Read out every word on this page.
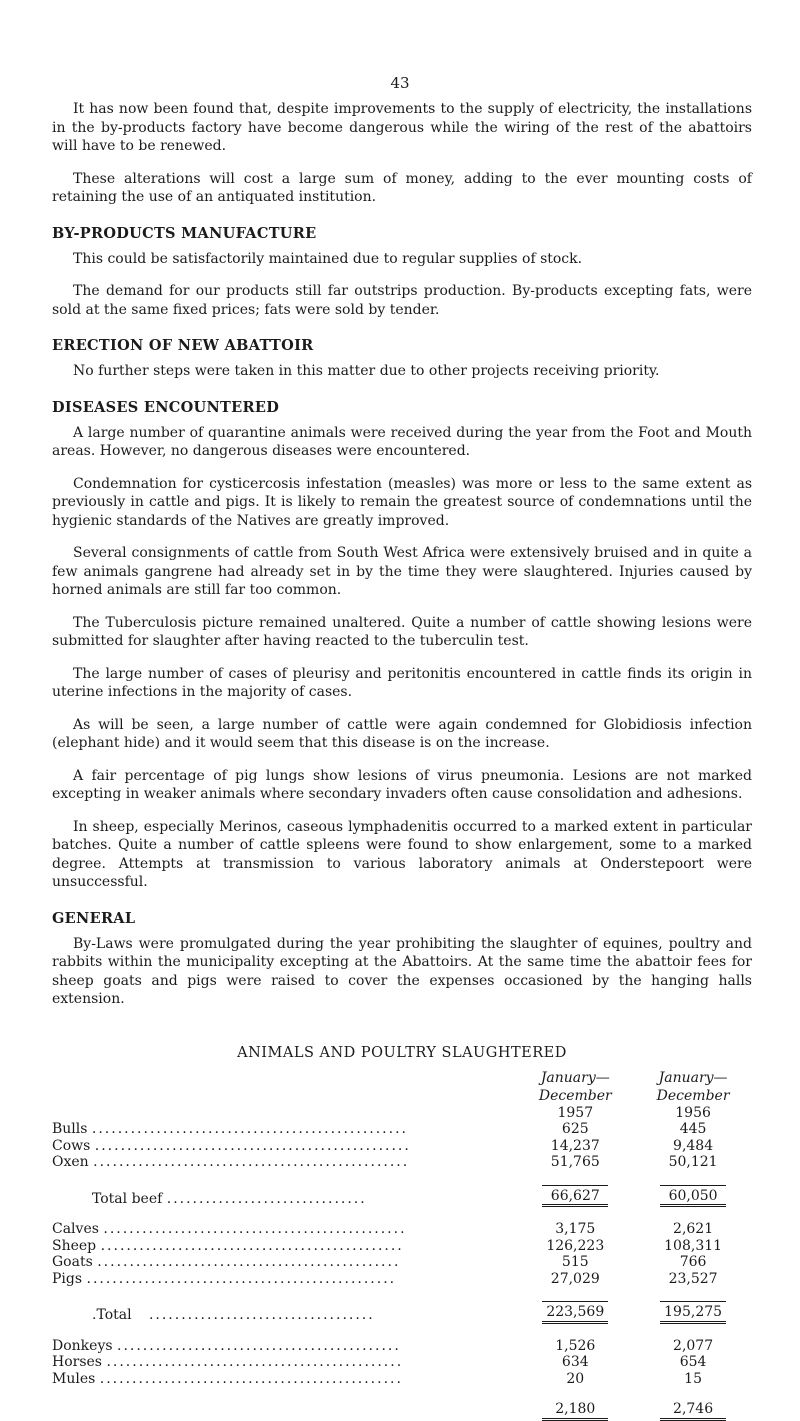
43

It has now been found that, despite improvements to the supply of electricity, the installations in the by-products factory have become dangerous while the wiring of the rest of the abattoirs will have to be renewed.

These alterations will cost a large sum of money, adding to the ever mounting costs of retaining the use of an antiquated institution.

BY-PRODUCTS MANUFACTURE

This could be satisfactorily maintained due to regular supplies of stock.

The demand for our products still far outstrips production. By-products excepting fats, were sold at the same fixed prices; fats were sold by tender.

ERECTION OF NEW ABATTOIR

No further steps were taken in this matter due to other projects receiving priority.

DISEASES ENCOUNTERED

A large number of quarantine animals were received during the year from the Foot and Mouth areas. However, no dangerous diseases were encountered.

Condemnation for cysticercosis infestation (measles) was more or less to the same extent as previously in cattle and pigs. It is likely to remain the greatest source of condemnations until the hygienic standards of the Natives are greatly improved.

Several consignments of cattle from South West Africa were extensively bruised and in quite a few animals gangrene had already set in by the time they were slaughtered. Injuries caused by horned animals are still far too common.

The Tuberculosis picture remained unaltered. Quite a number of cattle showing lesions were submitted for slaughter after having reacted to the tuberculin test.

The large number of cases of pleurisy and peritonitis encountered in cattle finds its origin in uterine infections in the majority of cases.

As will be seen, a large number of cattle were again condemned for Globidiosis infection (elephant hide) and it would seem that this disease is on the increase.

A fair percentage of pig lungs show lesions of virus pneumonia. Lesions are not marked excepting in weaker animals where secondary invaders often cause consolidation and adhesions.

In sheep, especially Merinos, caseous lymphadenitis occurred to a marked extent in particular batches. Quite a number of cattle spleens were found to show enlargement, some to a marked degree. Attempts at transmission to various laboratory animals at Onderstepoort were unsuccessful.

GENERAL

By-Laws were promulgated during the year prohibiting the slaughter of equines, poultry and rabbits within the municipality excepting at the Abattoirs. At the same time the abattoir fees for sheep goats and pigs were raised to cover the expenses occasioned by the hanging halls extension.

ANIMALS AND POULTRY SLAUGHTERED
	January—December	January—December
	1957	1956
Bulls .................................................	625	445
Cows .................................................	14,237	9,484
Oxen .................................................	51,765	50,121

Total beef ...............................	66,627	60,050

Calves ...............................................	3,175	2,621
Sheep ...............................................	126,223	108,311
Goats ...............................................	515	766
Pigs ................................................	27,029	23,527

.Total   ...................................	223,569	195,275

Donkeys ............................................	1,526	2,077
Horses ..............................................	634	654
Mules ...............................................	20	15

	2,180	2,746
